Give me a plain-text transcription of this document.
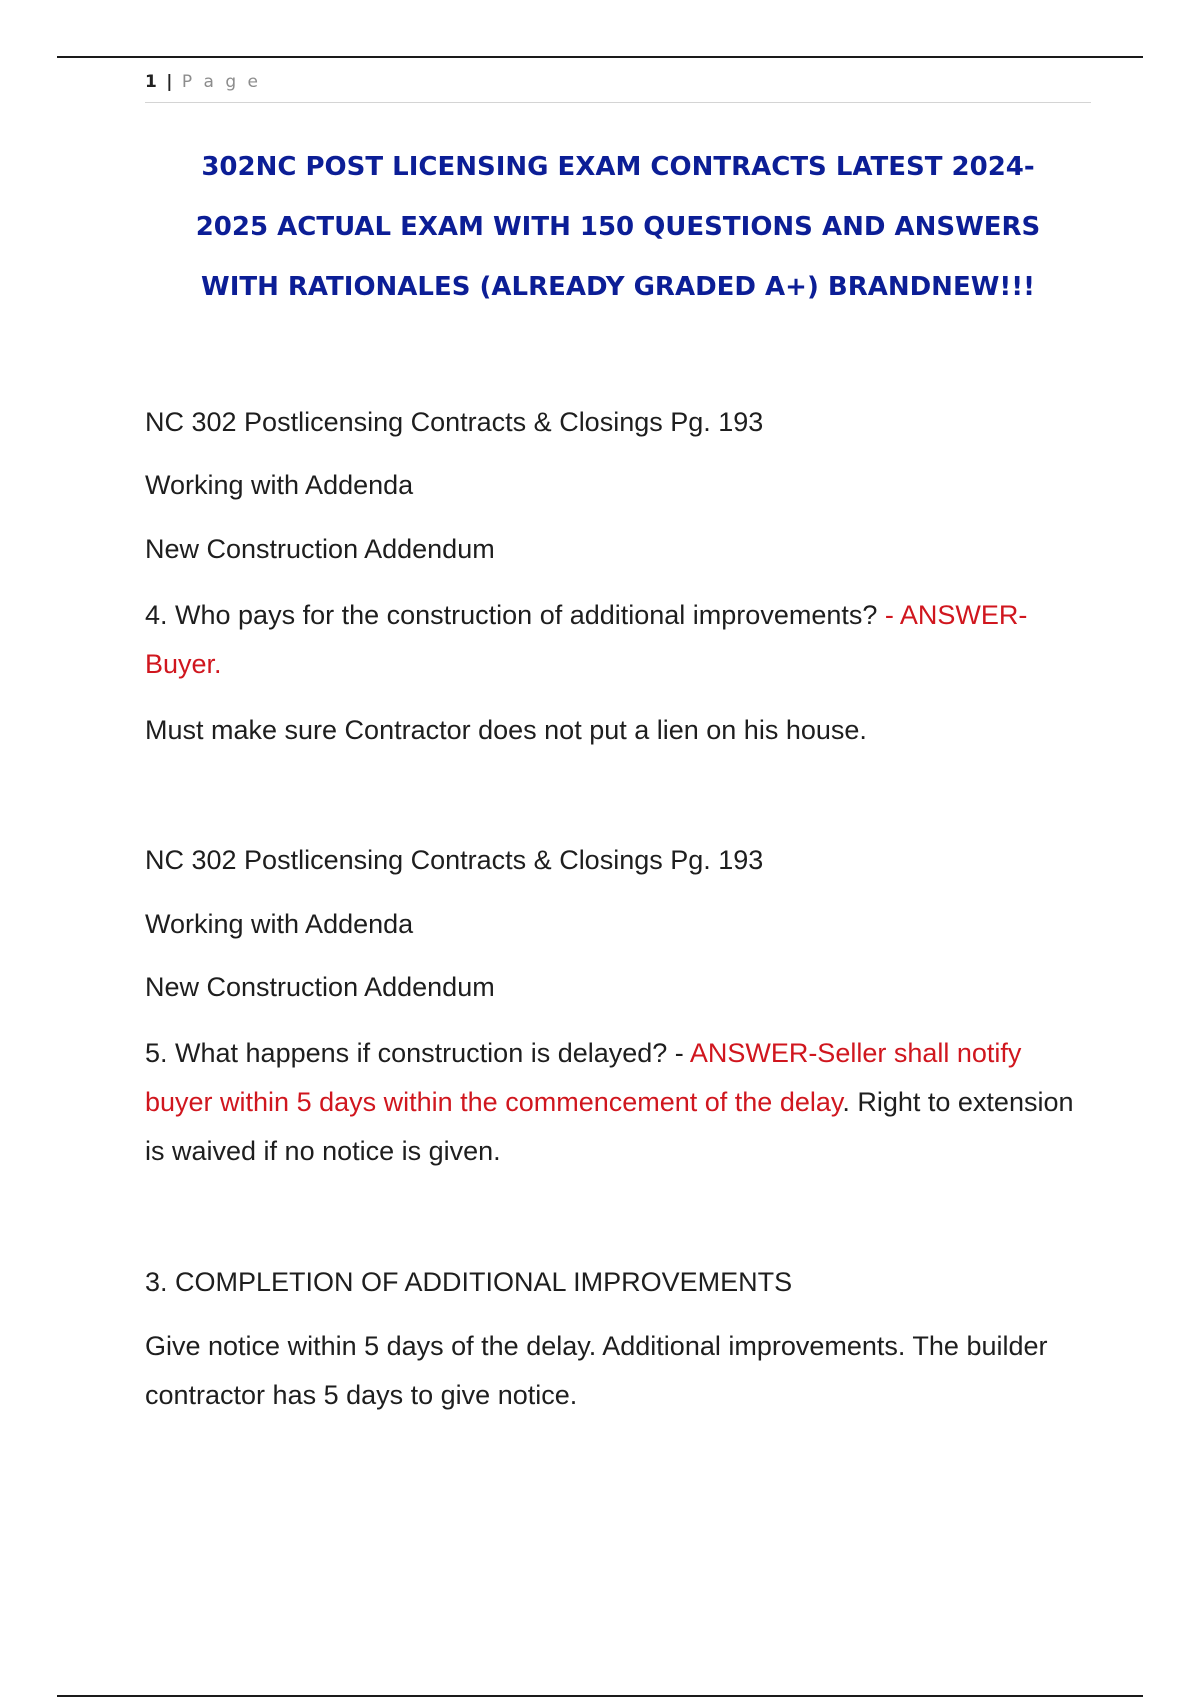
1 | P a g e
302NC POST LICENSING EXAM CONTRACTS LATEST 2024-
2025 ACTUAL EXAM WITH 150 QUESTIONS AND ANSWERS
WITH RATIONALES (ALREADY GRADED A+) BRANDNEW!!!

NC 302 Postlicensing Contracts & Closings Pg. 193

Working with Addenda

New Construction Addendum

4. Who pays for the construction of additional improvements? - ANSWER-Buyer.

Must make sure Contractor does not put a lien on his house.

NC 302 Postlicensing Contracts & Closings Pg. 193

Working with Addenda

New Construction Addendum

5. What happens if construction is delayed? - ANSWER-Seller shall notify buyer within 5 days within the commencement of the delay. Right to extension is waived if no notice is given.

3. COMPLETION OF ADDITIONAL IMPROVEMENTS

Give notice within 5 days of the delay. Additional improvements. The builder contractor has 5 days to give notice.
